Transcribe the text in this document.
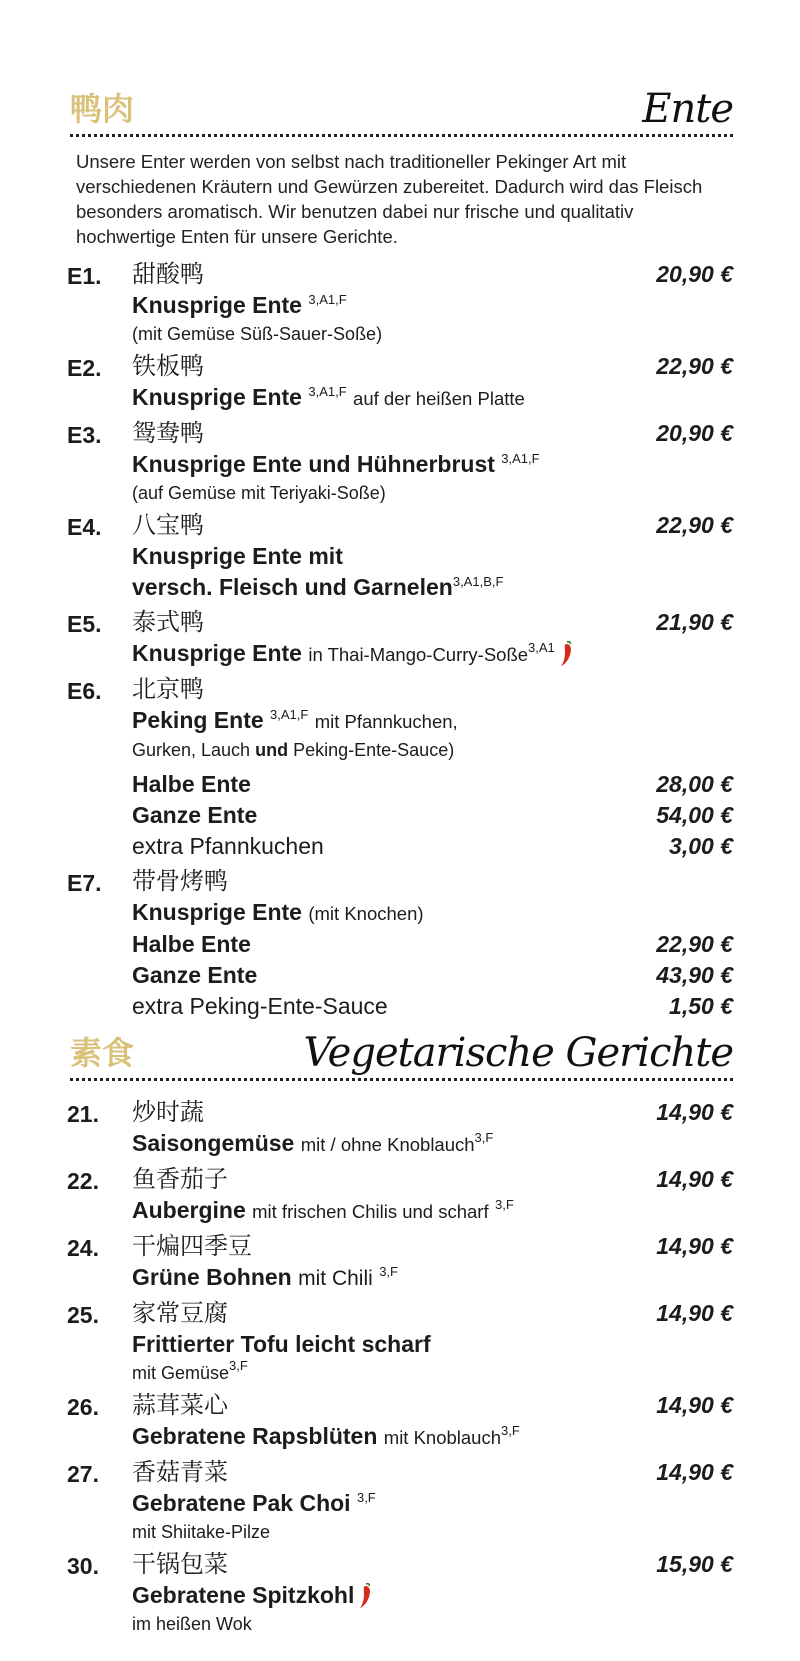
鸭肉	Ente
Unsere Enter werden von selbst nach traditioneller Pekinger Art mit verschiedenen Kräutern und Gewürzen zubereitet. Dadurch wird das Fleisch besonders aromatisch. Wir benutzen dabei nur frische und qualitativ hochwertige Enten für unsere Gerichte.
E1. 甜酸鸭
Knusprige Ente $^{3,A1,F}$
(mit Gemüse Süß-Sauer-Soße)
20,90 €
E2. 铁板鸭
Knusprige Ente $^{3,A1,F}$ auf der heißen Platte
22,90 €
E3. 鸳鸯鸭
Knusprige Ente und Hühnerbrust $^{3,A1,F}$
(auf Gemüse mit Teriyaki-Soße)
20,90 €
E4. 八宝鸭
Knusprige Ente mit
versch. Fleisch und Garnelen$^{3,A1,B,F}$
22,90 €
E5. 泰式鸭
Knusprige Ente in Thai-Mango-Curry-Soße$^{3,A1}$
21,90 €
E6. 北京鸭
Peking Ente $^{3,A1,F}$ mit Pfannkuchen,
Gurken, Lauch und Peking-Ente-Sauce)
Halbe Ente	28,00 €
Ganze Ente	54,00 €
extra Pfannkuchen	3,00 €
E7. 带骨烤鸭
Knusprige Ente (mit Knochen)
Halbe Ente	22,90 €
Ganze Ente	43,90 €
extra Peking-Ente-Sauce	1,50 €
素食	Vegetarische Gerichte
21. 炒时蔬
Saisongemüse mit / ohne Knoblauch$^{3,F}$
14,90 €
22. 鱼香茄子
Aubergine mit frischen Chilis und scharf $^{3,F}$
14,90 €
24. 干煸四季豆
Grüne Bohnen mit Chili $^{3,F}$
14,90 €
25. 家常豆腐
Frittierter Tofu leicht scharf
mit Gemüse$^{3,F}$
14,90 €
26. 蒜茸菜心
Gebratene Rapsblüten mit Knoblauch$^{3,F}$
14,90 €
27. 香菇青菜
Gebratene Pak Choi $^{3,F}$
mit Shiitake-Pilze
14,90 €
30. 干锅包菜
Gebratene Spitzkohl
im heißen Wok
15,90 €
